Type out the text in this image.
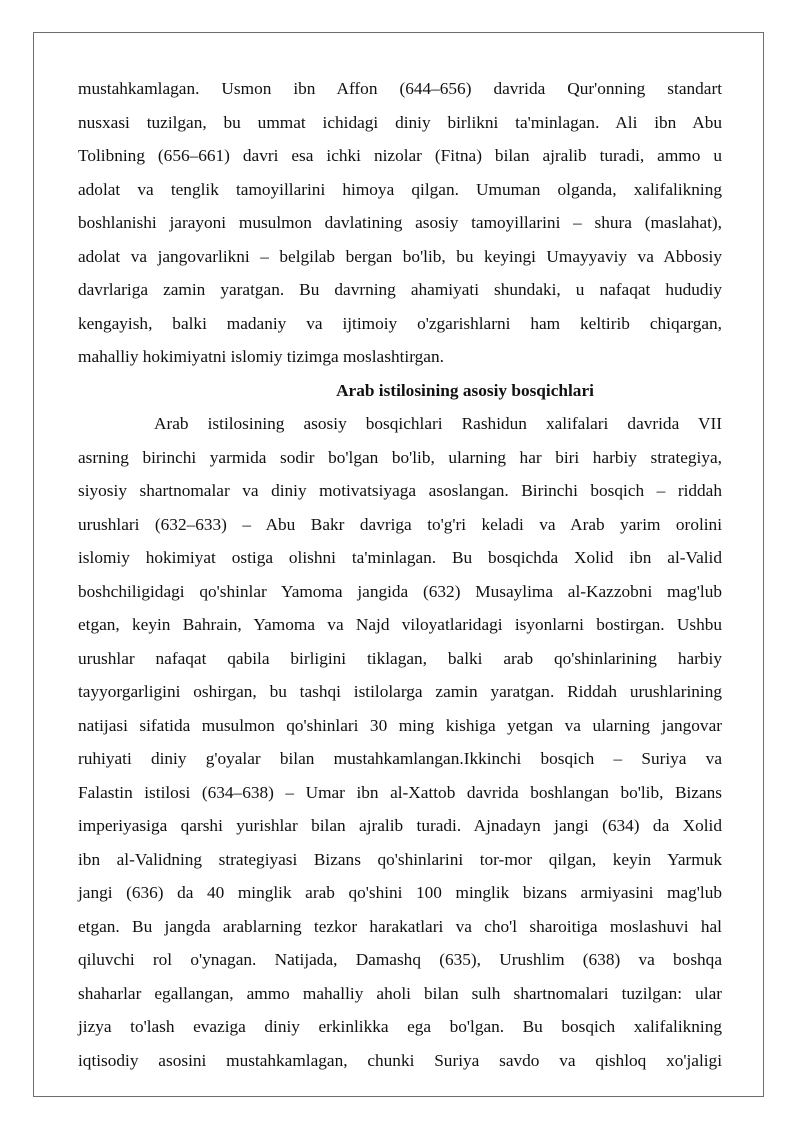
mustahkamlagan. Usmon ibn Affon (644–656) davrida Qur'onning standart
nusxasi tuzilgan, bu ummat ichidagi diniy birlikni ta'minlagan. Ali ibn Abu
Tolibning (656–661) davri esa ichki nizolar (Fitna) bilan ajralib turadi, ammo u
adolat va tenglik tamoyillarini himoya qilgan. Umuman olganda, xalifalikning
boshlanishi jarayoni musulmon davlatining asosiy tamoyillarini – shura (maslahat),
adolat va jangovarlikni – belgilab bergan bo'lib, bu keyingi Umayyaviy va Abbosiy
davrlariga zamin yaratgan. Bu davrning ahamiyati shundaki, u nafaqat hududiy
kengayish, balki madaniy va ijtimoiy o'zgarishlarni ham keltirib chiqargan,
mahalliy hokimiyatni islomiy tizimga moslashtirgan.
Arab istilosining asosiy bosqichlari
Arab istilosining asosiy bosqichlari Rashidun xalifalari davrida VII
asrning birinchi yarmida sodir bo'lgan bo'lib, ularning har biri harbiy strategiya,
siyosiy shartnomalar va diniy motivatsiyaga asoslangan. Birinchi bosqich – riddah
urushlari (632–633) – Abu Bakr davriga to'g'ri keladi va Arab yarim orolini
islomiy hokimiyat ostiga olishni ta'minlagan. Bu bosqichda Xolid ibn al-Valid
boshchiligidagi qo'shinlar Yamoma jangida (632) Musaylima al-Kazzobni mag'lub
etgan, keyin Bahrain, Yamoma va Najd viloyatlaridagi isyonlarni bostirgan. Ushbu
urushlar nafaqat qabila birligini tiklagan, balki arab qo'shinlarining harbiy
tayyorgarligini oshirgan, bu tashqi istilolarga zamin yaratgan. Riddah urushlarining
natijasi sifatida musulmon qo'shinlari 30 ming kishiga yetgan va ularning jangovar
ruhiyati diniy g'oyalar bilan mustahkamlangan.Ikkinchi bosqich – Suriya va
Falastin istilosi (634–638) – Umar ibn al-Xattob davrida boshlangan bo'lib, Bizans
imperiyasiga qarshi yurishlar bilan ajralib turadi. Ajnadayn jangi (634) da Xolid
ibn al-Validning strategiyasi Bizans qo'shinlarini tor-mor qilgan, keyin Yarmuk
jangi (636) da 40 minglik arab qo'shini 100 minglik bizans armiyasini mag'lub
etgan. Bu jangda arablarning tezkor harakatlari va cho'l sharoitiga moslashuvi hal
qiluvchi rol o'ynagan. Natijada, Damashq (635), Urushlim (638) va boshqa
shaharlar egallangan, ammo mahalliy aholi bilan sulh shartnomalari tuzilgan: ular
jizya to'lash evaziga diniy erkinlikka ega bo'lgan. Bu bosqich xalifalikning
iqtisodiy asosini mustahkamlagan, chunki Suriya savdo va qishloq xo'jaligi
